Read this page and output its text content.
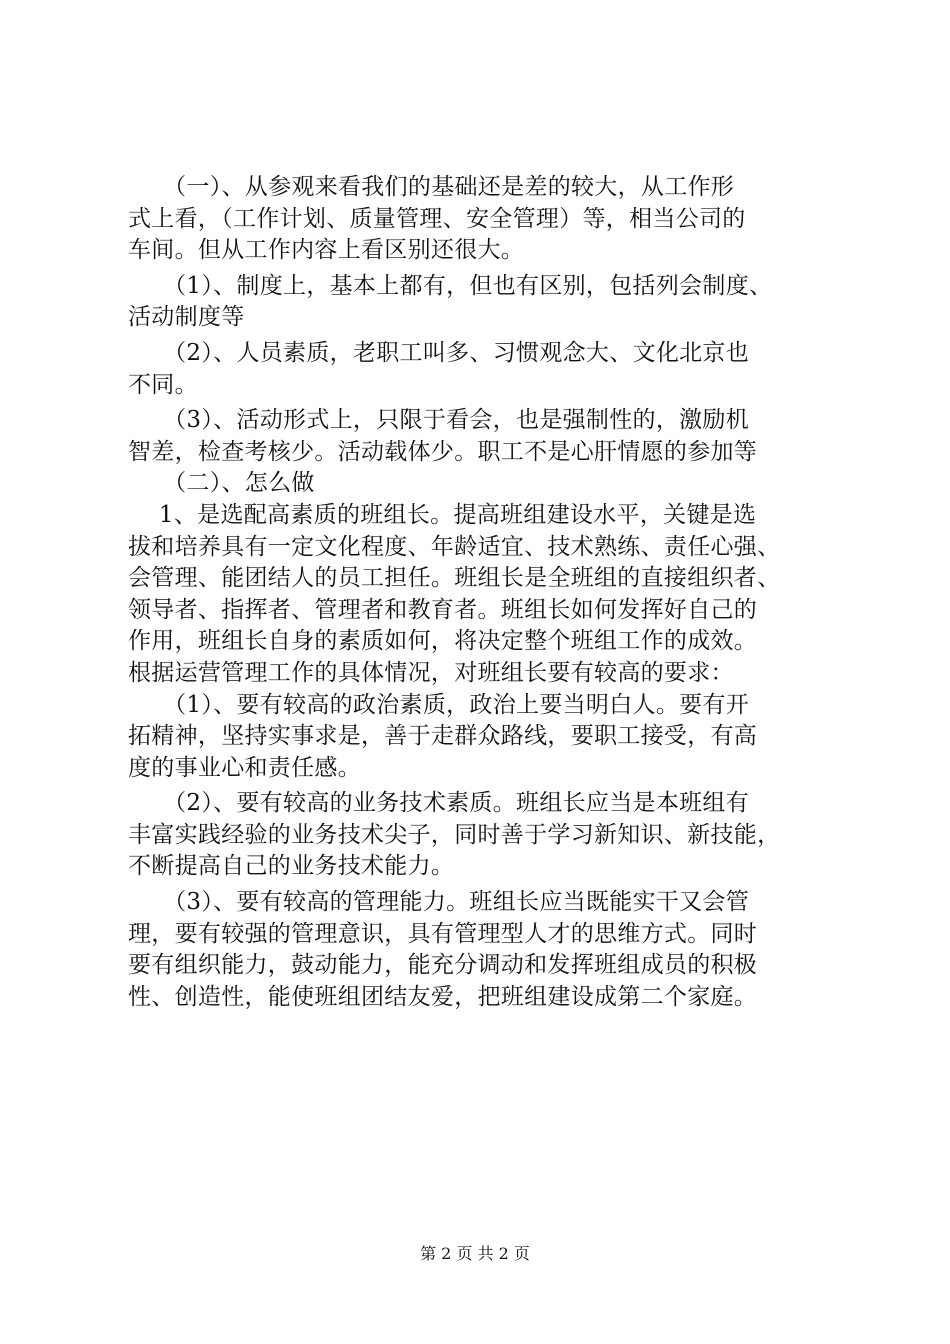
　　（一）、从参观来看我们的基础还是差的较大，从工作形
式上看，（工作计划、质量管理、安全管理）等，相当公司的
车间。但从工作内容上看区别还很大。
　　（1）、制度上，基本上都有，但也有区别，包括列会制度、
活动制度等
　　（2）、人员素质，老职工叫多、习惯观念大、文化北京也
不同。
　　（3）、活动形式上，只限于看会，也是强制性的，激励机
智差，检查考核少。活动载体少。职工不是心肝情愿的参加等
　　（二）、怎么做
　 1、是选配高素质的班组长。提高班组建设水平，关键是选
拔和培养具有一定文化程度、年龄适宜、技术熟练、责任心强、
会管理、能团结人的员工担任。班组长是全班组的直接组织者、
领导者、指挥者、管理者和教育者。班组长如何发挥好自己的
作用，班组长自身的素质如何，将决定整个班组工作的成效。
根据运营管理工作的具体情况，对班组长要有较高的要求：
　　（1）、要有较高的政治素质，政治上要当明白人。要有开
拓精神，坚持实事求是，善于走群众路线，要职工接受，有高
度的事业心和责任感。
　　（2）、要有较高的业务技术素质。班组长应当是本班组有
丰富实践经验的业务技术尖子，同时善于学习新知识、新技能，
不断提高自己的业务技术能力。
　　（3）、要有较高的管理能力。班组长应当既能实干又会管
理，要有较强的管理意识，具有管理型人才的思维方式。同时
要有组织能力，鼓动能力，能充分调动和发挥班组成员的积极
性、创造性，能使班组团结友爱，把班组建设成第二个家庭。
第 2 页 共 2 页
